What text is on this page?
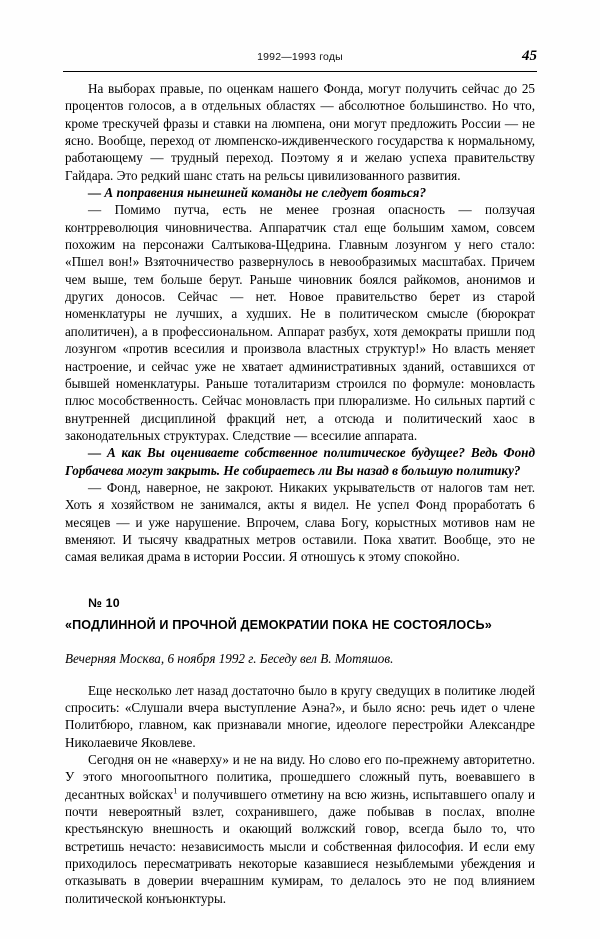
1992—1993 годы	45

На выборах правые, по оценкам нашего Фонда, могут получить сейчас до 25 процентов голосов, а в отдельных областях — абсолютное большинство. Но что, кроме трескучей фразы и ставки на люмпена, они могут предложить России — не ясно. Вообще, переход от люмпенско-иждивенческого государства к нормальному, работающему — трудный переход. Поэтому я и желаю успеха правительству Гайдара. Это редкий шанс стать на рельсы цивилизованного развития.

— А поправения нынешней команды не следует бояться?

— Помимо путча, есть не менее грозная опасность — ползучая контрреволюция чиновничества. Аппаратчик стал еще большим хамом, совсем похожим на персонажи Салтыкова-Щедрина. Главным лозунгом у него стало: «Пшел вон!» Взяточничество развернулось в невообразимых масштабах. Причем чем выше, тем больше берут. Раньше чиновник боялся райкомов, анонимов и других доносов. Сейчас — нет. Новое правительство берет из старой номенклатуры не лучших, а худших. Не в политическом смысле (бюрократ аполитичен), а в профессиональном. Аппарат разбух, хотя демократы пришли под лозунгом «против всесилия и произвола властных структур!» Но власть меняет настроение, и сейчас уже не хватает административных зданий, оставшихся от бывшей номенклатуры. Раньше тоталитаризм строился по формуле: моновласть плюс мособственность. Сейчас моновласть при плюрализме. Но сильных партий с внутренней дисциплиной фракций нет, а отсюда и политический хаос в законодательных структурах. Следствие — всесилие аппарата.

— А как Вы оцениваете собственное политическое будущее? Ведь Фонд Горбачева могут закрыть. Не собираетесь ли Вы назад в большую политику?

— Фонд, наверное, не закроют. Никаких укрывательств от налогов там нет. Хоть я хозяйством не занимался, акты я видел. Не успел Фонд проработать 6 месяцев — и уже нарушение. Впрочем, слава Богу, корыстных мотивов нам не вменяют. И тысячу квадратных метров оставили. Пока хватит. Вообще, это не самая великая драма в истории России. Я отношусь к этому спокойно.

№ 10
«ПОДЛИННОЙ И ПРОЧНОЙ ДЕМОКРАТИИ ПОКА НЕ СОСТОЯЛОСЬ»
Вечерняя Москва, 6 ноября 1992 г. Беседу вел В. Мотяшов.

Еще несколько лет назад достаточно было в кругу сведущих в политике людей спросить: «Слушали вчера выступление Аэна?», и было ясно: речь идет о члене Политбюро, главном, как признавали многие, идеологе перестройки Александре Николаевиче Яковлеве.

Сегодня он не «наверху» и не на виду. Но слово его по-прежнему авторитетно. У этого многоопытного политика, прошедшего сложный путь, воевавшего в десантных войсках$^1$ и получившего отметину на всю жизнь, испытавшего опалу и почти невероятный взлет, сохранившего, даже побывав в послах, вполне крестьянскую внешность и окающий волжский говор, всегда было то, что встретишь нечасто: независимость мысли и собственная философия. И если ему приходилось пересматривать некоторые казавшиеся незыблемыми убеждения и отказывать в доверии вчерашним кумирам, то делалось это не под влиянием политической конъюнктуры.
